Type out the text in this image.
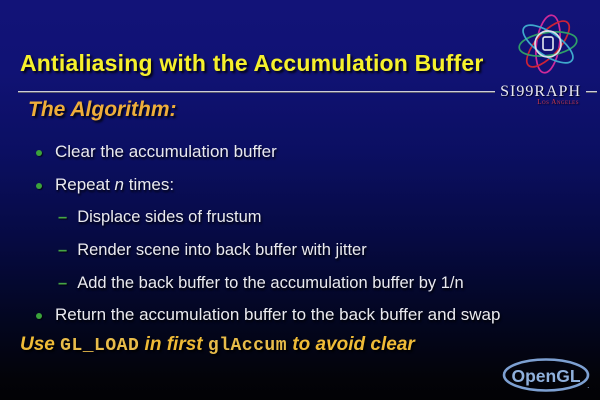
Antialiasing with the Accumulation Buffer
SI99RAPH
Los Angeles
The Algorithm:
Clear the accumulation buffer
Repeat n times:
– Displace sides of frustum
– Render scene into back buffer with jitter
– Add the back buffer to the accumulation buffer by 1/n
Return the accumulation buffer to the back buffer and swap
Use GL_LOAD in first glAccum to avoid clear
OpenGL .
